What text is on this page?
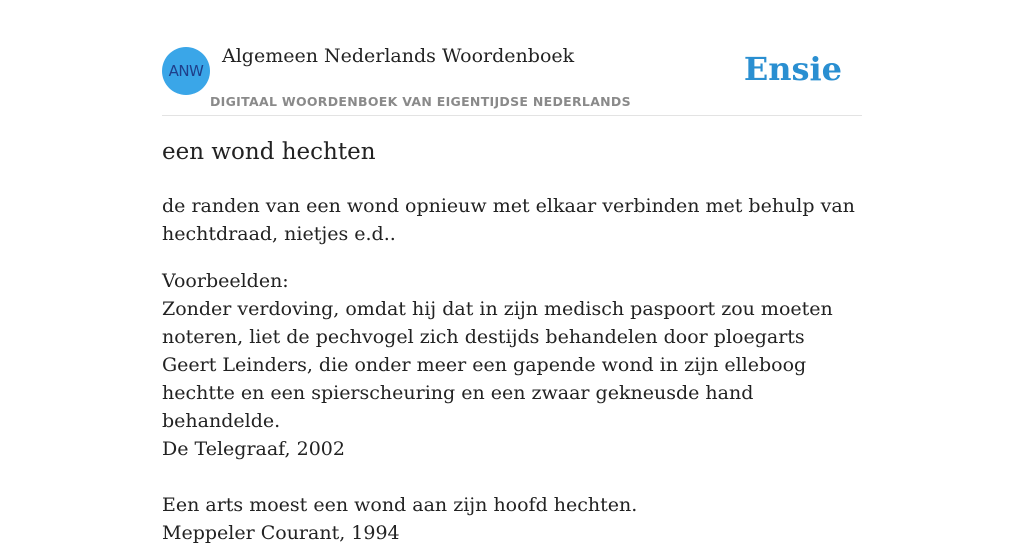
ANW
Algemeen Nederlands Woordenboek
DIGITAAL WOORDENBOEK VAN EIGENTIJDSE NEDERLANDS
Ensie
een wond hechten

de randen van een wond opnieuw met elkaar verbinden met behulp van hechtdraad, nietjes e.d..

Voorbeelden:
Zonder verdoving, omdat hij dat in zijn medisch paspoort zou moeten noteren, liet de pechvogel zich destijds behandelen door ploegarts Geert Leinders, die onder meer een gapende wond in zijn elleboog hechtte en een spierscheuring en een zwaar gekneusde hand behandelde.
De Telegraaf, 2002
Een arts moest een wond aan zijn hoofd hechten.
Meppeler Courant, 1994
